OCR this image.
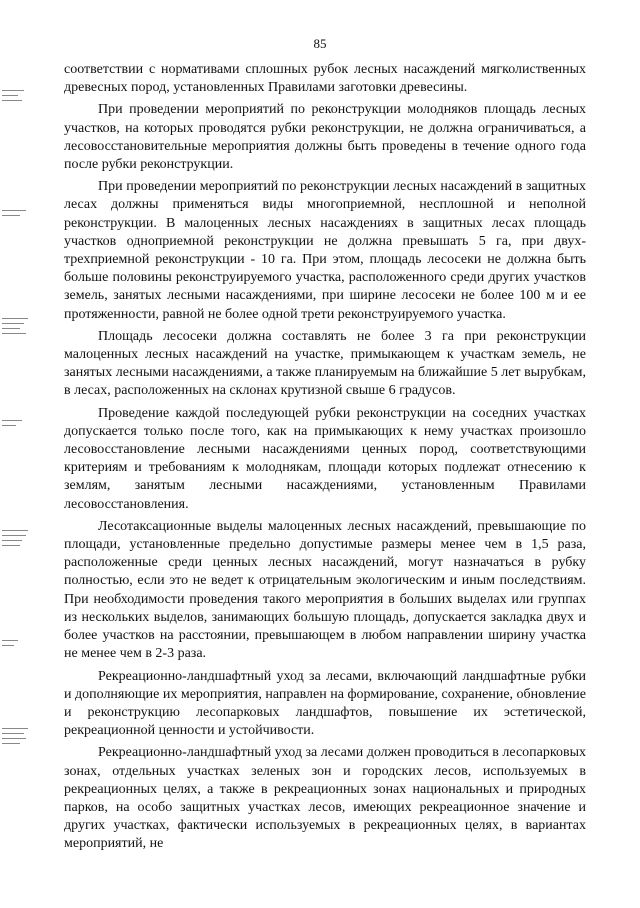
85

соответствии с нормативами сплошных рубок лесных насаждений мягколиственных древесных пород, установленных Правилами заготовки древесины.

При проведении мероприятий по реконструкции молодняков площадь лесных участков, на которых проводятся рубки реконструкции, не должна ограничиваться, а лесовосстановительные мероприятия должны быть проведены в течение одного года после рубки реконструкции.

При проведении мероприятий по реконструкции лесных насаждений в защитных лесах должны применяться виды многоприемной, несплошной и неполной реконструкции. В малоценных лесных насаждениях в защитных лесах площадь участков одноприемной реконструкции не должна превышать 5 га, при двух-трехприемной реконструкции - 10 га. При этом, площадь лесосеки не должна быть больше половины реконструируемого участка, расположенного среди других участков земель, занятых лесными насаждениями, при ширине лесосеки не более 100 м и ее протяженности, равной не более одной трети реконструируемого участка.

Площадь лесосеки должна составлять не более 3 га при реконструкции малоценных лесных насаждений на участке, примыкающем к участкам земель, не занятых лесными насаждениями, а также планируемым на ближайшие 5 лет вырубкам, в лесах, расположенных на склонах крутизной свыше 6 градусов.

Проведение каждой последующей рубки реконструкции на соседних участках допускается только после того, как на примыкающих к нему участках произошло лесовосстановление лесными насаждениями ценных пород, соответствующими критериям и требованиям к молоднякам, площади которых подлежат отнесению к землям, занятым лесными насаждениями, установленным Правилами лесовосстановления.

Лесотаксационные выделы малоценных лесных насаждений, превышающие по площади, установленные предельно допустимые размеры менее чем в 1,5 раза, расположенные среди ценных лесных насаждений, могут назначаться в рубку полностью, если это не ведет к отрицательным экологическим и иным последствиям. При необходимости проведения такого мероприятия в больших выделах или группах из нескольких выделов, занимающих большую площадь, допускается закладка двух и более участков на расстоянии, превышающем в любом направлении ширину участка не менее чем в 2-3 раза.

Рекреационно-ландшафтный уход за лесами, включающий ландшафтные рубки и дополняющие их мероприятия, направлен на формирование, сохранение, обновление и реконструкцию лесопарковых ландшафтов, повышение их эстетической, рекреационной ценности и устойчивости.

Рекреационно-ландшафтный уход за лесами должен проводиться в лесопарковых зонах, отдельных участках зеленых зон и городских лесов, используемых в рекреационных целях, а также в рекреационных зонах национальных и природных парков, на особо защитных участках лесов, имеющих рекреационное значение и других участках, фактически используемых в рекреационных целях, в вариантах мероприятий, не
